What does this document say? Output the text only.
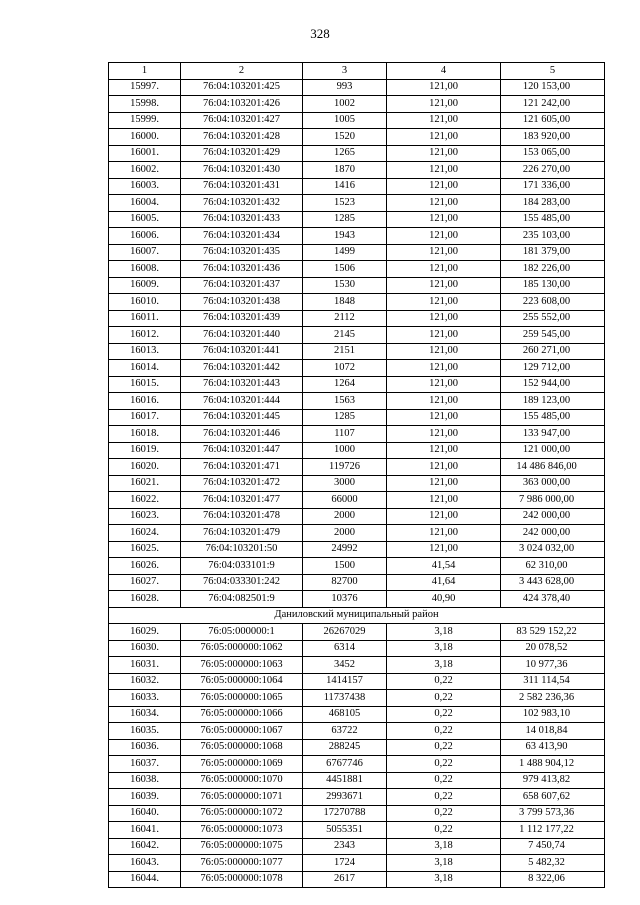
328
1	2	3	4	5
15997.	76:04:103201:425	993	121,00	120 153,00
15998.	76:04:103201:426	1002	121,00	121 242,00
15999.	76:04:103201:427	1005	121,00	121 605,00
16000.	76:04:103201:428	1520	121,00	183 920,00
16001.	76:04:103201:429	1265	121,00	153 065,00
16002.	76:04:103201:430	1870	121,00	226 270,00
16003.	76:04:103201:431	1416	121,00	171 336,00
16004.	76:04:103201:432	1523	121,00	184 283,00
16005.	76:04:103201:433	1285	121,00	155 485,00
16006.	76:04:103201:434	1943	121,00	235 103,00
16007.	76:04:103201:435	1499	121,00	181 379,00
16008.	76:04:103201:436	1506	121,00	182 226,00
16009.	76:04:103201:437	1530	121,00	185 130,00
16010.	76:04:103201:438	1848	121,00	223 608,00
16011.	76:04:103201:439	2112	121,00	255 552,00
16012.	76:04:103201:440	2145	121,00	259 545,00
16013.	76:04:103201:441	2151	121,00	260 271,00
16014.	76:04:103201:442	1072	121,00	129 712,00
16015.	76:04:103201:443	1264	121,00	152 944,00
16016.	76:04:103201:444	1563	121,00	189 123,00
16017.	76:04:103201:445	1285	121,00	155 485,00
16018.	76:04:103201:446	1107	121,00	133 947,00
16019.	76:04:103201:447	1000	121,00	121 000,00
16020.	76:04:103201:471	119726	121,00	14 486 846,00
16021.	76:04:103201:472	3000	121,00	363 000,00
16022.	76:04:103201:477	66000	121,00	7 986 000,00
16023.	76:04:103201:478	2000	121,00	242 000,00
16024.	76:04:103201:479	2000	121,00	242 000,00
16025.	76:04:103201:50	24992	121,00	3 024 032,00
16026.	76:04:033101:9	1500	41,54	62 310,00
16027.	76:04:033301:242	82700	41,64	3 443 628,00
16028.	76:04:082501:9	10376	40,90	424 378,40
Даниловский муниципальный район				
16029.	76:05:000000:1	26267029	3,18	83 529 152,22
16030.	76:05:000000:1062	6314	3,18	20 078,52
16031.	76:05:000000:1063	3452	3,18	10 977,36
16032.	76:05:000000:1064	1414157	0,22	311 114,54
16033.	76:05:000000:1065	11737438	0,22	2 582 236,36
16034.	76:05:000000:1066	468105	0,22	102 983,10
16035.	76:05:000000:1067	63722	0,22	14 018,84
16036.	76:05:000000:1068	288245	0,22	63 413,90
16037.	76:05:000000:1069	6767746	0,22	1 488 904,12
16038.	76:05:000000:1070	4451881	0,22	979 413,82
16039.	76:05:000000:1071	2993671	0,22	658 607,62
16040.	76:05:000000:1072	17270788	0,22	3 799 573,36
16041.	76:05:000000:1073	5055351	0,22	1 112 177,22
16042.	76:05:000000:1075	2343	3,18	7 450,74
16043.	76:05:000000:1077	1724	3,18	5 482,32
16044.	76:05:000000:1078	2617	3,18	8 322,06
